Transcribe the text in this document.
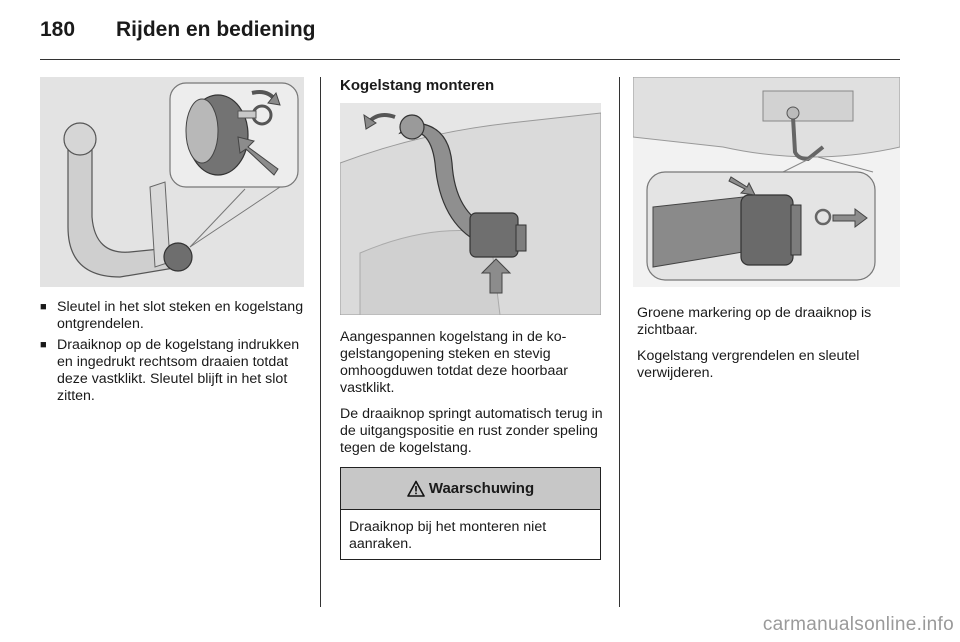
180	Rijden en bediening
■ Sleutel in het slot steken en kogelstang ontgrendelen.
■ Draaiknop op de kogelstang indrukken en ingedrukt rechtsom draaien totdat deze vastklikt. Sleutel blijft in het slot zitten.
Kogelstang monteren

Aangespannen kogelstang in de kogelstangopening steken en stevig omhoogduwen totdat deze hoorbaar vastklikt.

De draaiknop springt automatisch terug in de uitgangspositie en rust zonder speling tegen de kogelstang.

Waarschuwing
Draaiknop bij het monteren niet aanraken.

Groene markering op de draaiknop is zichtbaar.

Kogelstang vergrendelen en sleutel verwijderen.

carmanualsonline.info
